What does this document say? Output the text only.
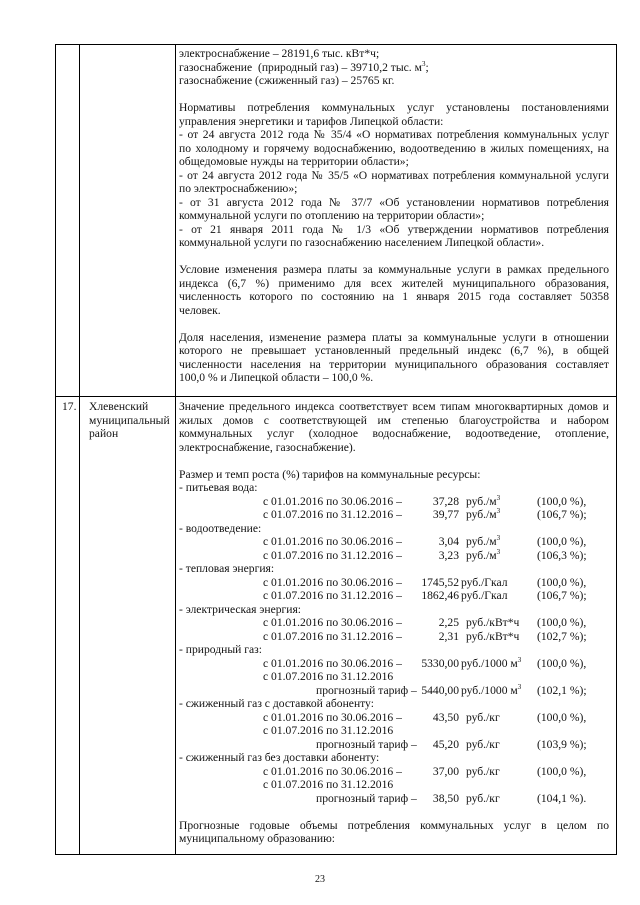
электроснабжение – 28191,6 тыс. кВт*ч;
газоснабжение  (природный газ) – 39710,2 тыс. $м^3$;
газоснабжение (сжиженный газ) – 25765 кг.
Нормативы потребления коммунальных услуг установлены постановлениями
управления энергетики и тарифов Липецкой области:
- от 24 августа 2012 года № 35/4 «О нормативах потребления коммунальных услуг
по холодному и горячему водоснабжению, водоотведению в жилых помещениях, на
общедомовые нужды на территории области»;
- от 24 августа 2012 года № 35/5 «О нормативах потребления коммунальной услуги
по электроснабжению»;
- от 31 августа 2012 года № 37/7 «Об установлении нормативов потребления
коммунальной услуги по отоплению на территории области»;
- от 21 января 2011 года № 1/3 «Об утверждении нормативов потребления
коммунальной услуги по газоснабжению населением Липецкой области».
Условие изменения размера платы за коммунальные услуги в рамках предельного
индекса (6,7 %) применимо для всех жителей муниципального образования,
численность которого по состоянию на 1 января 2015 года составляет 50358
человек.
Доля населения, изменение размера платы за коммунальные услуги в отношении
которого не превышает установленный предельный индекс (6,7 %), в общей
численности населения на территории муниципального образования составляет
100,0 % и Липецкой области – 100,0 %.
17. Хлевенский муниципальный район
Значение предельного индекса соответствует всем типам многоквартирных домов и
жилых домов с соответствующей им степенью благоустройства и набором
коммунальных услуг (холодное водоснабжение, водоотведение, отопление,
электроснабжение, газоснабжение).
Размер и темп роста (%) тарифов на коммунальные ресурсы:
- питьевая вода:
с 01.01.2016 по 30.06.2016 –	37,28 $руб./м^3$	(100,0 %),
с 01.07.2016 по 31.12.2016 –	39,77 $руб./м^3$	(106,7 %);
- водоотведение:
с 01.01.2016 по 30.06.2016 –	3,04 $руб./м^3$	(100,0 %),
с 01.07.2016 по 31.12.2016 –	3,23 $руб./м^3$	(106,3 %);
- тепловая энергия:
с 01.01.2016 по 30.06.2016 –	1745,52 руб./Гкал	(100,0 %),
с 01.07.2016 по 31.12.2016 –	1862,46 руб./Гкал	(106,7 %);
- электрическая энергия:
с 01.01.2016 по 30.06.2016 –	2,25 руб./кВт*ч (100,0 %),
с 01.07.2016 по 31.12.2016 –	2,31 руб./кВт*ч (102,7 %);
- природный газ:
с 01.01.2016 по 30.06.2016 –	5330,00 руб./1000 $м^3$ (100,0 %),
с 01.07.2016 по 31.12.2016
прогнозный тариф – 5440,00 руб./1000 $м^3$ (102,1 %);
- сжиженный газ с доставкой абоненту:
с 01.01.2016 по 30.06.2016 –	43,50 руб./кг	(100,0 %),
с 01.07.2016 по 31.12.2016
прогнозный тариф –	45,20 руб./кг	(103,9 %);
- сжиженный газ без доставки абоненту:
с 01.01.2016 по 30.06.2016 –	37,00 руб./кг	(100,0 %),
с 01.07.2016 по 31.12.2016
прогнозный тариф –	38,50 руб./кг	(104,1 %).
Прогнозные годовые объемы потребления коммунальных услуг в целом по
муниципальному образованию:
23
